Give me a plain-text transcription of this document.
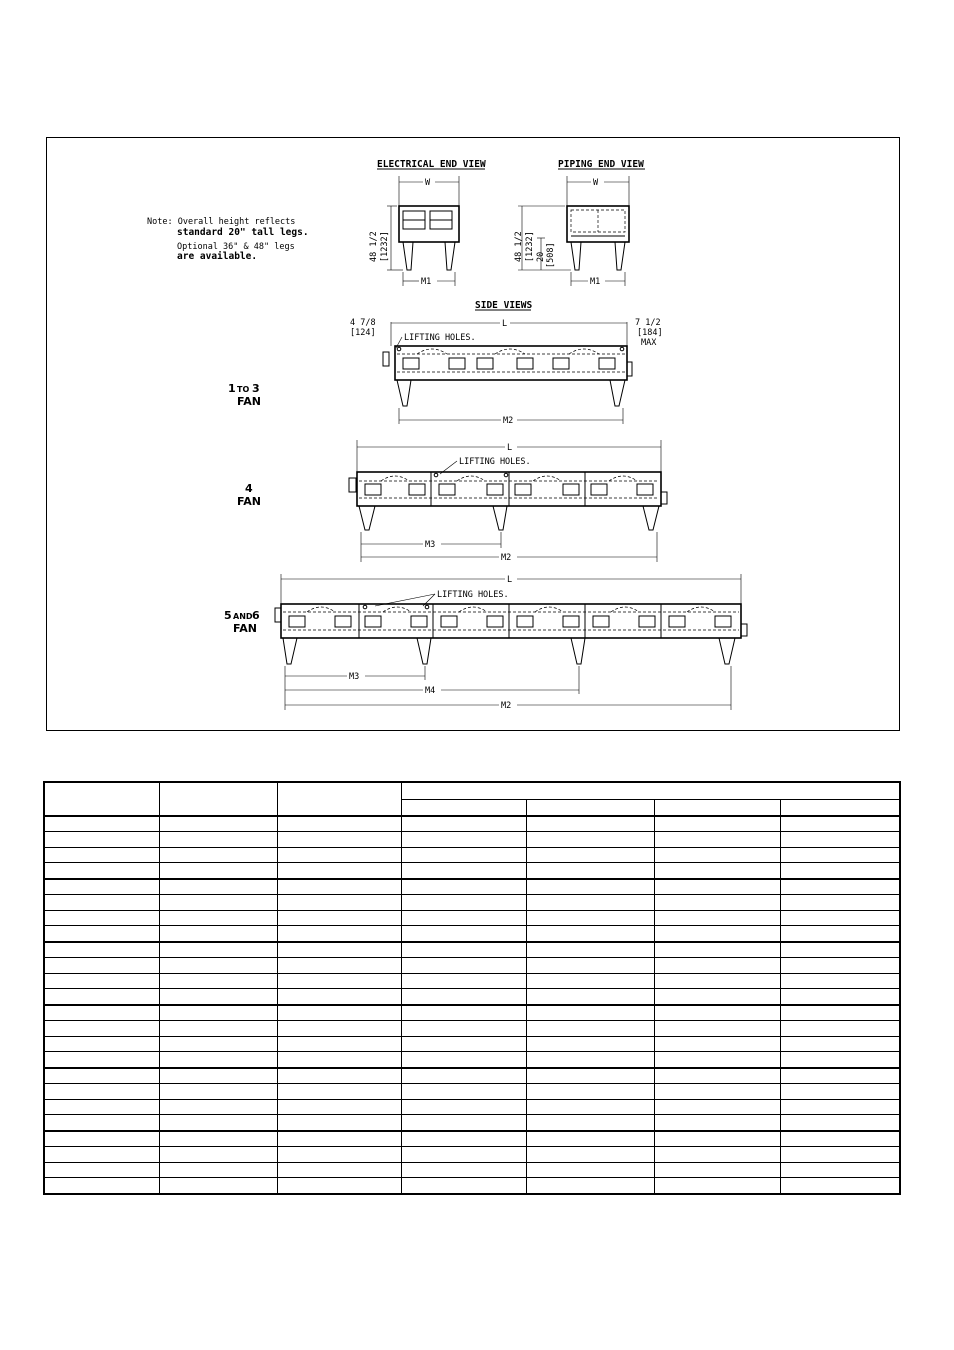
Note: Overall height reflects
standard 20" tall legs.
Optional 36" & 48" legs
are available.
ELECTRICAL END VIEW
W
48 1/2 [1232]
M1
PIPING END VIEW
W
48 1/2 [1232] 20 [508]
M1
SIDE VIEWS
4 7/8
[124]
7 1/2
[184]
MAX
L
LIFTING HOLES.
M2
1 TO 3
FAN
L
LIFTING HOLES.
M3
M2
4
FAN
L
LIFTING HOLES.
M3
M4
M2
5 AND 6
FAN
